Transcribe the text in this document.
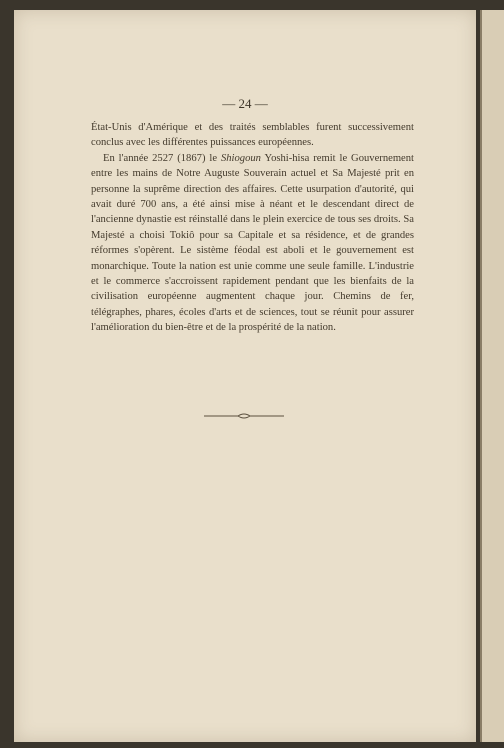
— 24 —

État-Unis d'Amérique et des traités semblables furent successivement conclus avec les différentes puissances européennes.

En l'année 2527 (1867) le Shiogoun Yoshi-hisa remit le Gouvernement entre les mains de Notre Auguste Souverain actuel et Sa Majesté prit en personne la suprême direction des affaires. Cette usurpation d'autorité, qui avait duré 700 ans, a été ainsi mise à néant et le descendant direct de l'ancienne dynastie est réinstallé dans le plein exercice de tous ses droits. Sa Majesté a choisi Tokiô pour sa Capitale et sa résidence, et de grandes réformes s'opèrent. Le sistème féodal est aboli et le gouvernement est monarchique. Toute la nation est unie comme une seule famille. L'industrie et le commerce s'accroissent rapidement pendant que les bienfaits de la civilisation européenne augmentent chaque jour. Chemins de fer, télégraphes, phares, écoles d'arts et de sciences, tout se réunit pour assurer l'amélioration du bien-être et de la prospérité de la nation.
